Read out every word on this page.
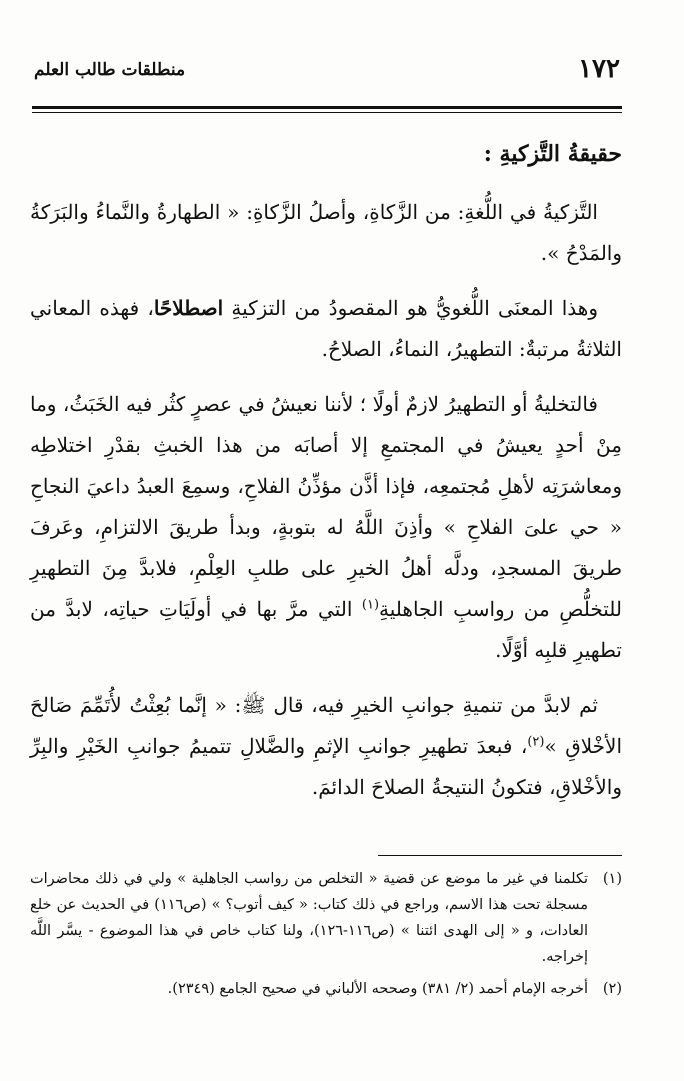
١٧٢
منطلقات طالب العلم
حقيقةُ التَّزكيةِ :

التَّزكيةُ في اللُّغةِ: من الزَّكاةِ، وأصلُ الزَّكاةِ: « الطهارةُ والنَّماءُ والبَرَكةُ والمَدْحُ ».

وهذا المعنَى اللُّغويُّ هو المقصودُ من التزكيةِ اصطلاحًا، فهذه المعاني الثلاثةُ مرتبةٌ: التطهيرُ، النماءُ، الصلاحُ.

فالتخليةُ أو التطهيرُ لازمٌ أولًا ؛ لأننا نعيشُ في عصرٍ كثُر فيه الخَبَثُ، وما مِنْ أحدٍ يعيشُ في المجتمعِ إلا أصابَه من هذا الخبثِ بقدْرِ اختلاطِه ومعاشرَتِه لأهلِ مُجتمعِه، فإذا أذَّن مؤذِّنُ الفلاحِ، وسمِعَ العبدُ داعيَ النجاحِ « حي علىَ الفلاحِ » وأذِنَ اللَّهُ له بتوبةٍ، وبدأ طريقَ الالتزامِ، وعَرفَ طريقَ المسجدِ، ودلَّه أهلُ الخيرِ على طلبِ العِلْمِ، فلابدَّ مِنَ التطهيرِ للتخلُّصِ من رواسبِ الجاهليةِ$^{(١)}$ التي مرَّ بها في أولَيَاتِ حياتِه، لابدَّ من تطهيرِ قلبِه أوَّلًا.

ثم لابدَّ من تنميةِ جوانبِ الخيرِ فيه، قال ﷺ: « إنَّما بُعِثْتُ لأُتَمِّمَ صَالحَ الأخْلاقِ »$^{(٢)}$، فبعدَ تطهيرِ جوانبِ الإثمِ والضَّلالِ تتميمُ جوانبِ الخَيْرِ والبِرِّ والأخْلاقِ، فتكونُ النتيجةُ الصلاحَ الدائمَ.

(١)
تكلمنا في غير ما موضع عن قضية « التخلص من رواسب الجاهلية » ولي في ذلك محاضرات مسجلة تحت هذا الاسم، وراجع في ذلك كتاب: « كيف أتوب؟ » (ص١١٦) في الحديث عن خلع العادات، و « إلى الهدى ائتنا » (ص١١٦-١٢٦)، ولنا كتاب خاص في هذا الموضوع - يسَّر اللَّه إخراجه.
(٢)
أخرجه الإمام أحمد (٢/ ٣٨١) وصححه الألباني في صحيح الجامع (٢٣٤٩).
